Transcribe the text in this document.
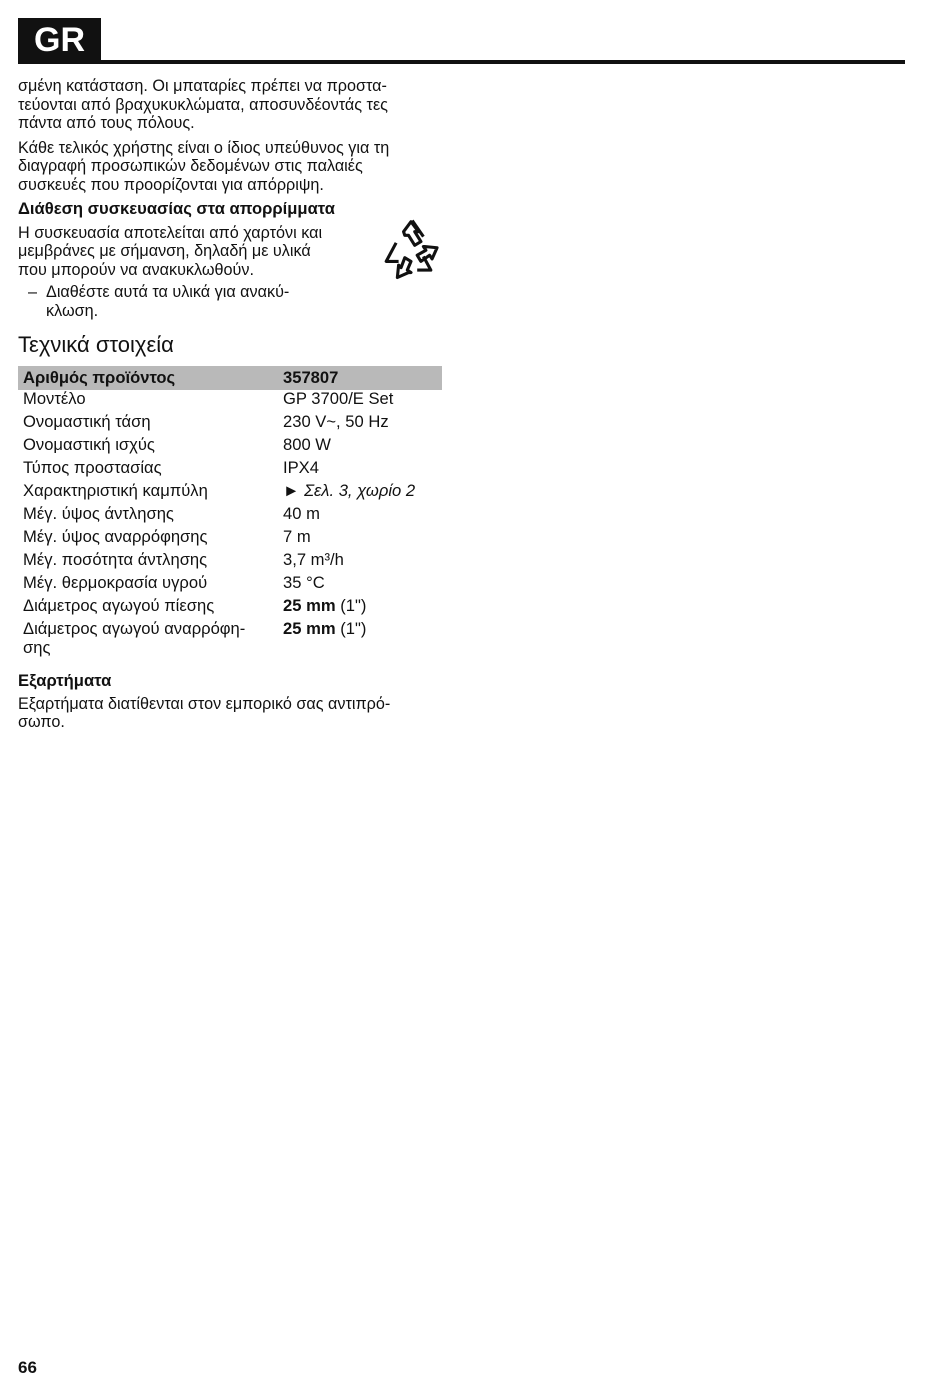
GR

σμένη κατάσταση. Οι μπαταρίες πρέπει να προστα-
τεύονται από βραχυκυκλώματα, αποσυνδέοντάς τες
πάντα από τους πόλους.

Κάθε τελικός χρήστης είναι ο ίδιος υπεύθυνος για τη
διαγραφή προσωπικών δεδομένων στις παλαιές
συσκευές που προορίζονται για απόρριψη.

Διάθεση συσκευασίας στα απορρίμματα
Η συσκευασία αποτελείται από χαρτόνι και
μεμβράνες με σήμανση, δηλαδή με υλικά
που μπορούν να ανακυκλωθούν.
– Διαθέστε αυτά τα υλικά για ανακύ-
κλωση.
Τεχνικά στοιχεία
Αριθμός προϊόντος	357807
Μοντέλο	GP 3700/E Set
Ονομαστική τάση	230 V~, 50 Hz
Ονομαστική ισχύς	800 W
Τύπος προστασίας	IPX4
Χαρακτηριστική καμπύλη	► Σελ. 3, χωρίο 2
Μέγ. ύψος άντλησης	40 m
Μέγ. ύψος αναρρόφησης	7 m
Μέγ. ποσότητα άντλησης	3,7 m³/h
Μέγ. θερμοκρασία υγρού	35 °C
Διάμετρος αγωγού πίεσης	25 mm (1")
Διάμετρος αγωγού αναρρόφη-
σης	25 mm (1")
Εξαρτήματα

Εξαρτήματα διατίθενται στον εμπορικό σας αντιπρό-
σωπο.

66
